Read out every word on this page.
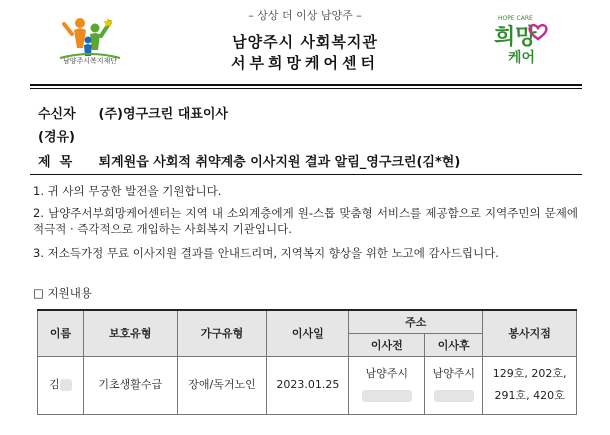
– 상상 더 이상 남양주 –
남양주시복지재단
남양주시 사회복지관
서부희망케어센터
HOPE CARE
희망
케어
수신자 (주)영구크린 대표이사
(경유)
제  목 퇴계원읍 사회적 취약계층 이사지원 결과 알림_영구크린(김*현)
1. 귀 사의 무궁한 발전을 기원합니다.
2. 남양주서부희망케어센터는 지역 내 소외계층에게 원-스톱 맞춤형 서비스를 제공함으로 지역주민의 문제에 적극적 · 즉각적으로 개입하는 사회복지 기관입니다.
3. 저소득가정 무료 이사지원 결과를 안내드리며, 지역복지 향상을 위한 노고에 감사드립니다.
□ 지원내용
이름	보호유형	가구유형	이사일	주소		봉사지점
				이사전	이사후	
김	기초생활수급	장애/독거노인	2023.01.25	남양주시	남양주시	129호, 202호,
291호, 420호
